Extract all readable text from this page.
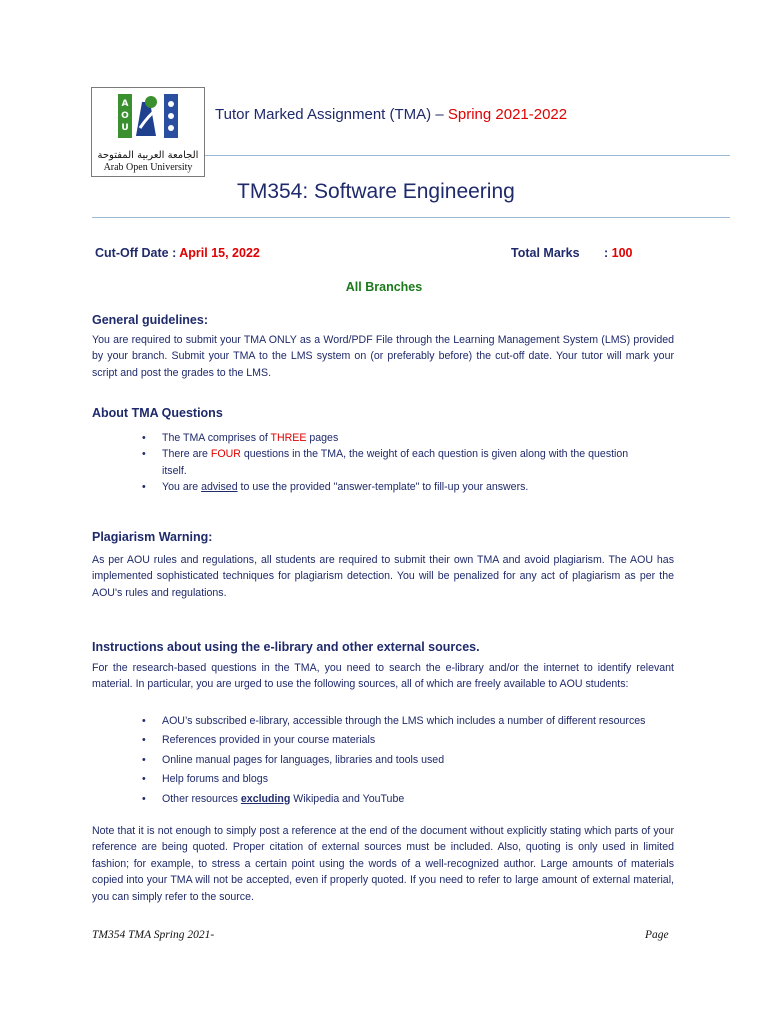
A
O
U
الجامعة العربية المفتوحة
Arab Open University
Tutor Marked Assignment (TMA) – Spring 2021-2022
TM354: Software Engineering
Cut-Off Date : April 15, 2022	Total Marks : 100
All Branches
General guidelines:
You are required to submit your TMA ONLY as a Word/PDF File through the Learning Management System (LMS) provided by your branch. Submit your TMA to the LMS system on (or preferably before) the cut-off date. Your tutor will mark your script and post the grades to the LMS.
About TMA Questions
• The TMA comprises of THREE pages
• There are FOUR questions in the TMA, the weight of each question is given along with the question itself.
• You are advised to use the provided "answer-template" to fill-up your answers.
Plagiarism Warning:
As per AOU rules and regulations, all students are required to submit their own TMA and avoid plagiarism. The AOU has implemented sophisticated techniques for plagiarism detection. You will be penalized for any act of plagiarism as per the AOU's rules and regulations.
Instructions about using the e-library and other external sources.
For the research-based questions in the TMA, you need to search the e-library and/or the internet to identify relevant material. In particular, you are urged to use the following sources, all of which are freely available to AOU students:
• AOU’s subscribed e-library, accessible through the LMS which includes a number of different resources
• References provided in your course materials
• Online manual pages for languages, libraries and tools used
• Help forums and blogs
• Other resources excluding Wikipedia and YouTube
Note that it is not enough to simply post a reference at the end of the document without explicitly stating which parts of your reference are being quoted. Proper citation of external sources must be included. Also, quoting is only used in limited fashion; for example, to stress a certain point using the words of a well-recognized author. Large amounts of materials copied into your TMA will not be accepted, even if properly quoted. If you need to refer to large amount of external material, you can simply refer to the source.
TM354 TMA Spring 2021-	Page
